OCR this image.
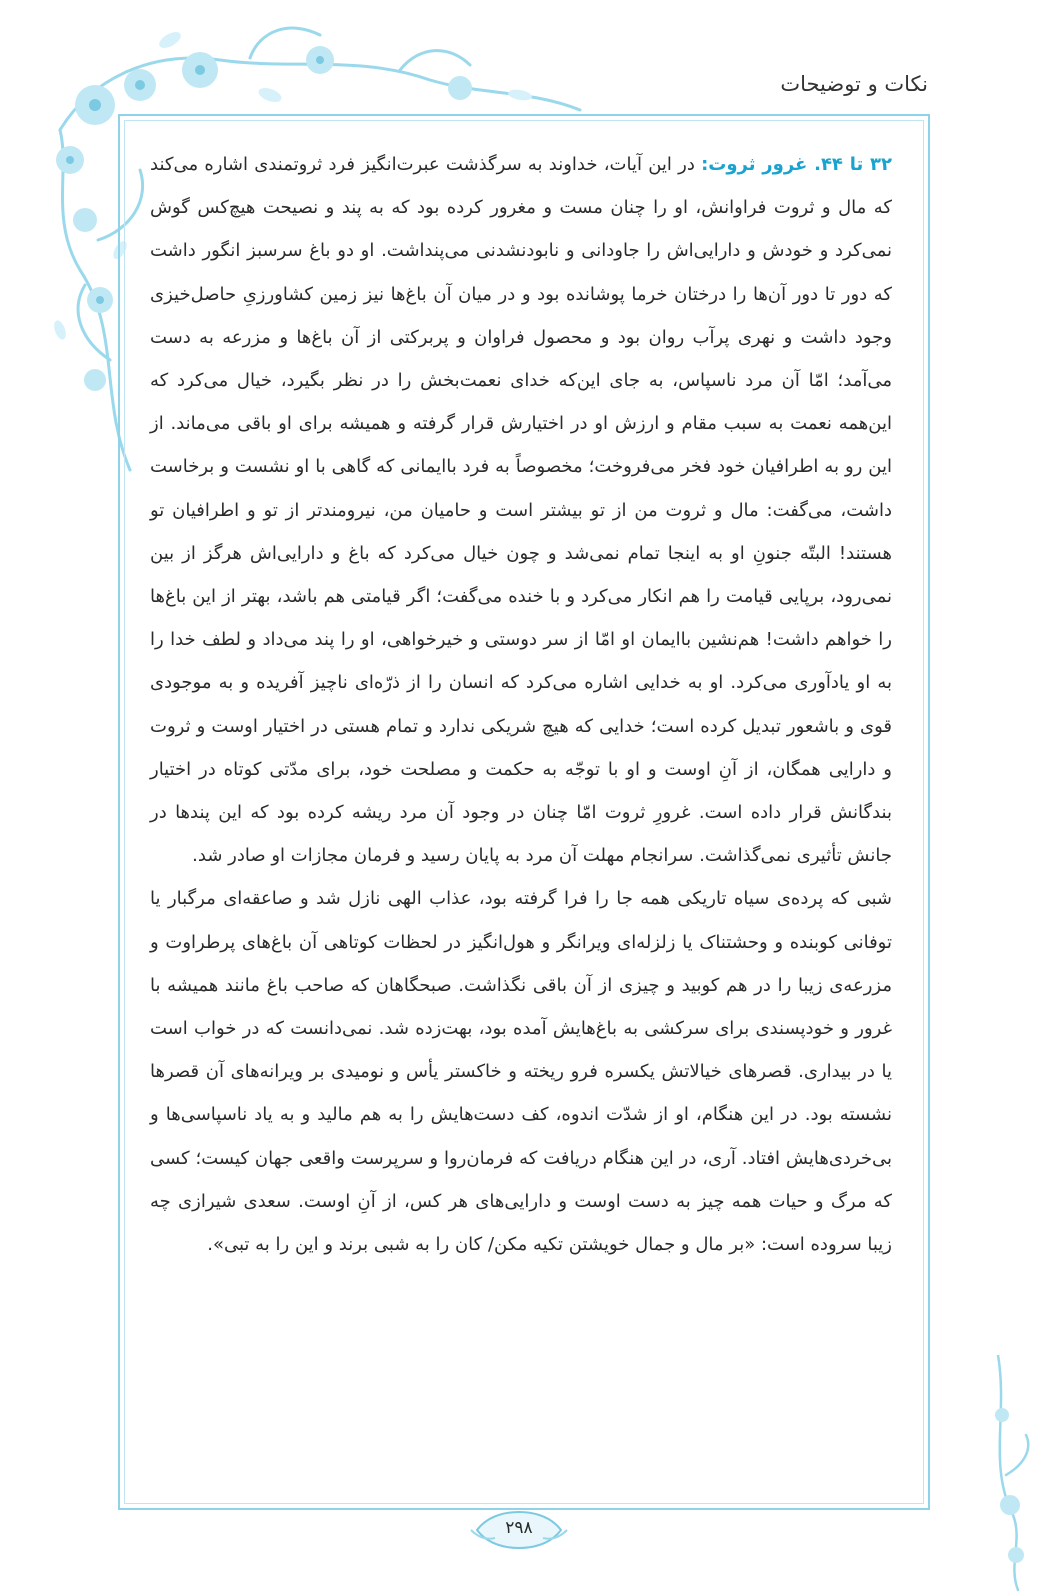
نکات و توضیحات

۳۲ تا ۴۴. غرور ثروت: در این آیات، خداوند به سرگذشت عبرت‌انگیز فرد ثروتمندی اشاره می‌کند که مال و ثروت فراوانش، او را چنان مست و مغرور کرده بود که به پند و نصیحت هیچ‌کس گوش نمی‌کرد و خودش و دارایی‌اش را جاودانی و نابودنشدنی می‌پنداشت. او دو باغ سرسبز انگور داشت که دور تا دور آن‌ها را درختان خرما پوشانده بود و در میان آن باغ‌ها نیز زمین کشاورزیِ حاصل‌خیزی وجود داشت و نهری پرآب روان بود و محصول فراوان و پربرکتی از آن باغ‌ها و مزرعه به دست می‌آمد؛ امّا آن مرد ناسپاس، به جای این‌که خدای نعمت‌بخش را در نظر بگیرد، خیال می‌کرد که این‌همه نعمت به سبب مقام و ارزش او در اختیارش قرار گرفته و همیشه برای او باقی می‌ماند. از این رو به اطرافیان خود فخر می‌فروخت؛ مخصوصاً به فرد باایمانی که گاهی با او نشست و برخاست داشت، می‌گفت: مال و ثروت من از تو بیشتر است و حامیان من، نیرومندتر از تو و اطرافیان تو هستند! البتّه جنونِ او به اینجا تمام نمی‌شد و چون خیال می‌کرد که باغ و دارایی‌اش هرگز از بین نمی‌رود، برپایی قیامت را هم انکار می‌کرد و با خنده می‌گفت؛ اگر قیامتی هم باشد، بهتر از این باغ‌ها را خواهم داشت! هم‌نشین باایمان او امّا از سر دوستی و خیرخواهی، او را پند می‌داد و لطف خدا را به او یادآوری می‌کرد. او به خدایی اشاره می‌کرد که انسان را از ذرّه‌ای ناچیز آفریده و به موجودی قوی و باشعور تبدیل کرده است؛ خدایی که هیچ شریکی ندارد و تمام هستی در اختیار اوست و ثروت و دارایی همگان، از آنِ اوست و او با توجّه به حکمت و مصلحت خود، برای مدّتی کوتاه در اختیار بندگانش قرار داده است. غرورِ ثروت امّا چنان در وجود آن مرد ریشه کرده بود که این پندها در جانش تأثیری نمی‌گذاشت. سرانجام مهلت آن مرد به پایان رسید و فرمان مجازات او صادر شد.

شبی که پرده‌ی سیاه تاریکی همه جا را فرا گرفته بود، عذاب الهی نازل شد و صاعقه‌ای مرگبار یا توفانی کوبنده و وحشتناک یا زلزله‌ای ویرانگر و هول‌انگیز در لحظات کوتاهی آن باغ‌های پرطراوت و مزرعه‌ی زیبا را در هم کوبید و چیزی از آن باقی نگذاشت. صبحگاهان که صاحب باغ مانند همیشه با غرور و خودپسندی برای سرکشی به باغ‌هایش آمده بود، بهت‌زده شد. نمی‌دانست که در خواب است یا در بیداری. قصرهای خیالاتش یکسره فرو ریخته و خاکستر یأس و نومیدی بر ویرانه‌های آن قصرها نشسته بود. در این هنگام، او از شدّت اندوه، کف دست‌هایش را به هم مالید و به یاد ناسپاسی‌ها و بی‌خردی‌هایش افتاد. آری، در این هنگام دریافت که فرمان‌روا و سرپرست واقعی جهان کیست؛ کسی که مرگ و حیات همه چیز به دست اوست و دارایی‌های هر کس، از آنِ اوست. سعدی شیرازی چه زیبا سروده است: «بر مال و جمال خویشتن تکیه مکن/ کان را به شبی برند و این را به تبی».

۲۹۸
